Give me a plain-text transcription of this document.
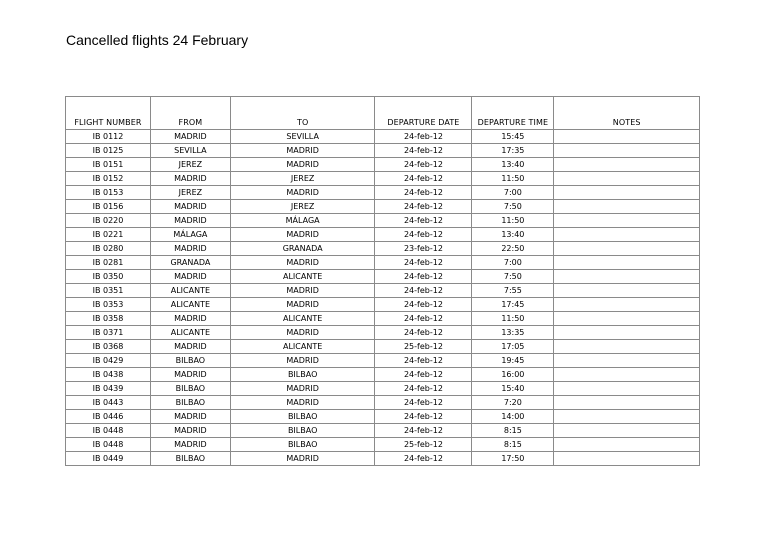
Cancelled flights 24 February

FLIGHT NUMBER	FROM	TO	DEPARTURE DATE	DEPARTURE TIME	NOTES
IB 0112	MADRID	SEVILLA	24-feb-12	15:45	
IB 0125	SEVILLA	MADRID	24-feb-12	17:35	
IB 0151	JEREZ	MADRID	24-feb-12	13:40	
IB 0152	MADRID	JEREZ	24-feb-12	11:50	
IB 0153	JEREZ	MADRID	24-feb-12	7:00	
IB 0156	MADRID	JEREZ	24-feb-12	7:50	
IB 0220	MADRID	MÁLAGA	24-feb-12	11:50	
IB 0221	MÁLAGA	MADRID	24-feb-12	13:40	
IB 0280	MADRID	GRANADA	23-feb-12	22:50	
IB 0281	GRANADA	MADRID	24-feb-12	7:00	
IB 0350	MADRID	ALICANTE	24-feb-12	7:50	
IB 0351	ALICANTE	MADRID	24-feb-12	7:55	
IB 0353	ALICANTE	MADRID	24-feb-12	17:45	
IB 0358	MADRID	ALICANTE	24-feb-12	11:50	
IB 0371	ALICANTE	MADRID	24-feb-12	13:35	
IB 0368	MADRID	ALICANTE	25-feb-12	17:05	
IB 0429	BILBAO	MADRID	24-feb-12	19:45	
IB 0438	MADRID	BILBAO	24-feb-12	16:00	
IB 0439	BILBAO	MADRID	24-feb-12	15:40	
IB 0443	BILBAO	MADRID	24-feb-12	7:20	
IB 0446	MADRID	BILBAO	24-feb-12	14:00	
IB 0448	MADRID	BILBAO	24-feb-12	8:15	
IB 0448	MADRID	BILBAO	25-feb-12	8:15	
IB 0449	BILBAO	MADRID	24-feb-12	17:50	
